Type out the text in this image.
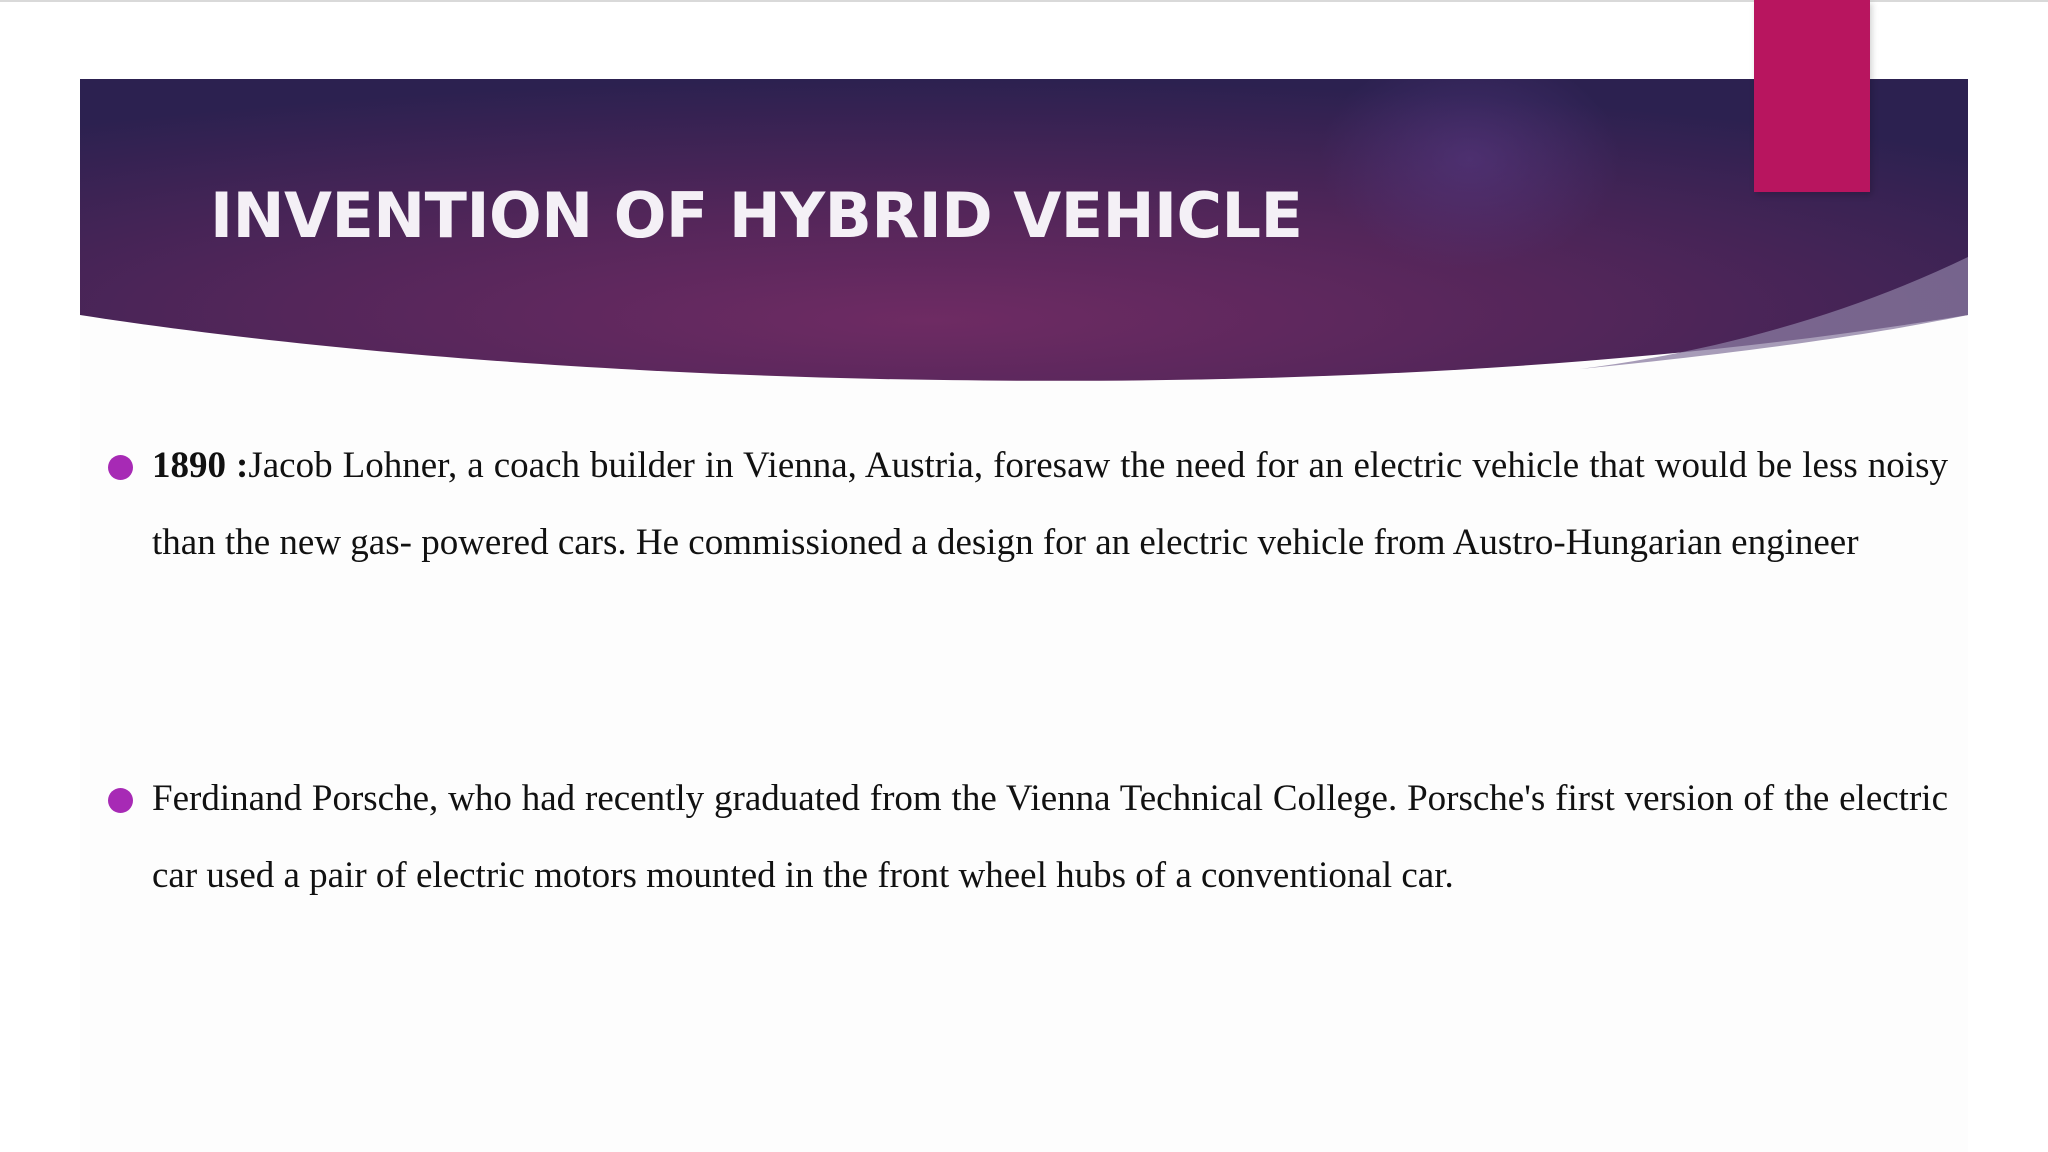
INVENTION OF HYBRID VEHICLE

1890 :Jacob Lohner, a coach builder in Vienna, Austria, foresaw the need for an electric vehicle that would be less noisy than the new gas- powered cars. He commissioned a design for an electric vehicle from Austro-Hungarian engineer

Ferdinand Porsche, who had recently graduated from the Vienna Technical College. Porsche's first version of the electric car used a pair of electric motors mounted in the front wheel hubs of a conventional car.
